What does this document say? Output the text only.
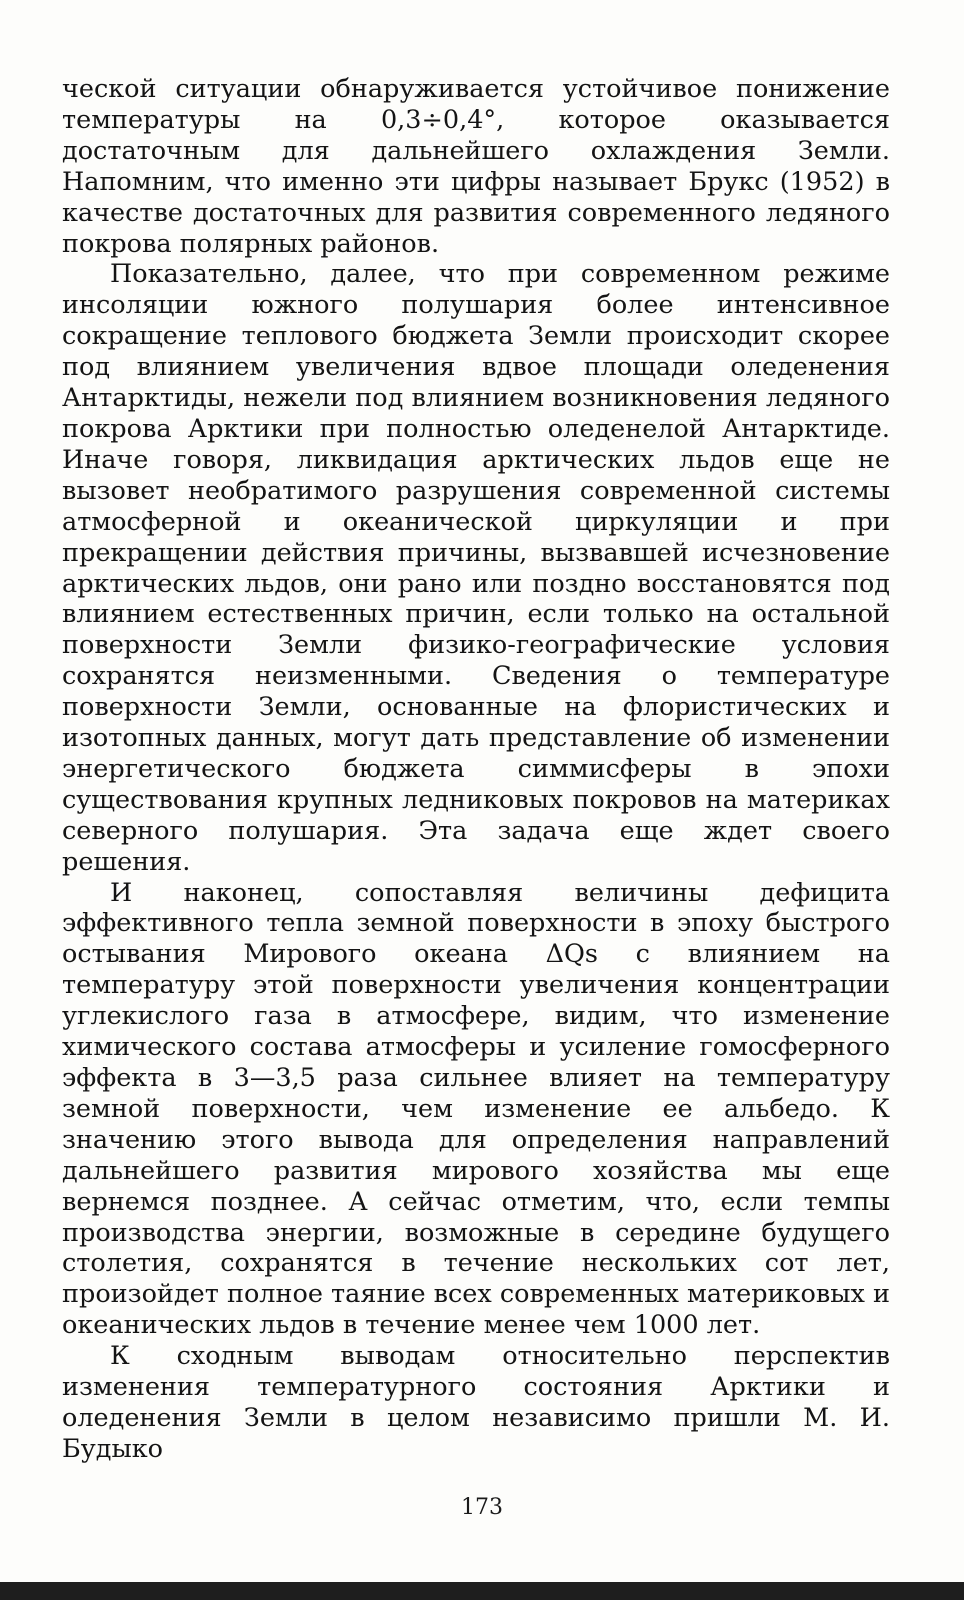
ческой ситуации обнаруживается устойчивое понижение температуры на 0,3÷0,4°, которое оказывается достаточным для дальнейшего охлаждения Земли. Напомним, что именно эти цифры называет Брукс (1952) в качестве достаточных для развития современного ледяного покрова полярных районов.

Показательно, далее, что при современном режиме инсоляции южного полушария более интенсивное сокращение теплового бюджета Земли происходит скорее под влиянием увеличения вдвое площади оледенения Антарктиды, нежели под влиянием возникновения ледяного покрова Арктики при полностью оледенелой Антарктиде. Иначе говоря, ликвидация арктических льдов еще не вызовет необратимого разрушения современной системы атмосферной и океанической циркуляции и при прекращении действия причины, вызвавшей исчезновение арктических льдов, они рано или поздно восстановятся под влиянием естественных причин, если только на остальной поверхности Земли физико-географические условия сохранятся неизменными. Сведения о температуре поверхности Земли, основанные на флористических и изотопных данных, могут дать представление об изменении энергетического бюджета симмисферы в эпохи существования крупных ледниковых покровов на материках северного полушария. Эта задача еще ждет своего решения.

И наконец, сопоставляя величины дефицита эффективного тепла земной поверхности в эпоху быстрого остывания Мирового океана ΔQs с влиянием на температуру этой поверхности увеличения концентрации углекислого газа в атмосфере, видим, что изменение химического состава атмосферы и усиление гомосферного эффекта в 3—3,5 раза сильнее влияет на температуру земной поверхности, чем изменение ее альбедо. К значению этого вывода для определения направлений дальнейшего развития мирового хозяйства мы еще вернемся позднее. А сейчас отметим, что, если темпы производства энергии, возможные в середине будущего столетия, сохранятся в течение нескольких сот лет, произойдет полное таяние всех современных материковых и океанических льдов в течение менее чем 1000 лет.

К сходным выводам относительно перспектив изменения температурного состояния Арктики и оледенения Земли в целом независимо пришли М. И. Будыко

173
